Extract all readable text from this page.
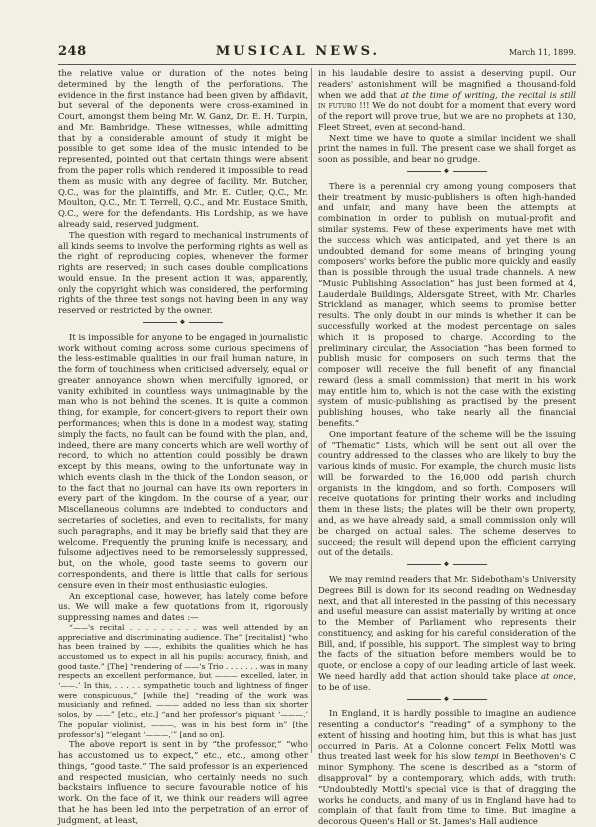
248	MUSICAL NEWS.	March 11, 1899.

the relative value or duration of the notes being determined by the length of the perforations. The evidence in the first instance had been given by affidavit, but several of the deponents were cross-examined in Court, amongst them being Mr. W. Ganz, Dr. E. H. Turpin, and Mr. Bambridge. These witnesses, while admitting that by a considerable amount of study it might be possible to get some idea of the music intended to be represented, pointed out that certain things were absent from the paper rolls which rendered it impossible to read them as music with any degree of facility. Mr. Butcher, Q.C., was for the plaintiffs, and Mr. E. Cutler, Q.C., Mr. Moulton, Q.C., Mr. T. Terrell, Q.C., and Mr. Eustace Smith, Q.C., were for the defendants. His Lordship, as we have already said, reserved judgment.

The question with regard to mechanical instruments of all kinds seems to involve the performing rights as well as the right of reproducing copies, whenever the former rights are reserved; in such cases double complications would ensue. In the present action it was, apparently, only the copyright which was considered, the performing rights of the three test songs not having been in any way reserved or restricted by the owner.

❖

It is impossible for anyone to be engaged in journalistic work without coming across some curious specimens of the less-estimable qualities in our frail human nature, in the form of touchiness when criticised adversely, equal or greater annoyance shown when mercifully ignored, or vanity exhibited in countless ways unimaginable by the man who is not behind the scenes. It is quite a common thing, for example, for concert-givers to report their own performances; when this is done in a modest way, stating simply the facts, no fault can be found with the plan, and, indeed, there are many concerts which are well worthy of record, to which no attention could possibly be drawn except by this means, owing to the unfortunate way in which events clash in the thick of the London season, or to the fact that no journal can have its own reporters in every part of the kingdom. In the course of a year, our Miscellaneous columns are indebted to conductors and secretaries of societies, and even to recitalists, for many such paragraphs, and it may be briefly said that they are welcome. Frequently the pruning knife is necessary, and fulsome adjectives need to be remorselessly suppressed, but, on the whole, good taste seems to govern our correspondents, and there is little that calls for serious censure even in their most enthusiastic eulogies.

An exceptional case, however, has lately come before us. We will make a few quotations from it, rigorously suppressing names and dates :—

“——'s recital . . . . . . . . . was well attended by an appreciative and discriminating audience. The” [recitalist] “who has been trained by ——, exhibits the qualities which he has accustomed us to expect in all his pupils: accuracy, finish, and good taste.” [The] “rendering of ——'s Trio . . . . . . . was in many respects an excellent performance, but ——— excelled, later, in ‘——.’ In this, . . . . . sympathetic touch and lightness of finger were conspicuous,” [while the] “reading of the work was musicianly and refined. ——— added no less than six shorter solos, by ——” [etc., etc.] “and her professor's piquant ‘———.’ The popular violinist, ———, was in his best form in” [the professor's] “‘elegant ‘———,’” [and so on].

The above report is sent in by “the professor,” “who has accustomed us to expect,” etc., etc., among other things, “good taste.” The said professor is an experienced and respected musician, who certainly needs no such backstairs influence to secure favourable notice of his work. On the face of it, we think our readers will agree that he has been led into the perpetration of an error of judgment, at least,

in his laudable desire to assist a deserving pupil. Our readers' astonishment will be magnified a thousand-fold when we add that at the time of writing, the recital is still in futuro !!! We do not doubt for a moment that every word of the report will prove true, but we are no prophets at 130, Fleet Street, even at second-hand.

Next time we have to quote a similar incident we shall print the names in full. The present case we shall forget as soon as possible, and bear no grudge.

❖

There is a perennial cry among young composers that their treatment by music-publishers is often high-handed and unfair, and many have been the attempts at combination in order to publish on mutual-profit and similar systems. Few of these experiments have met with the success which was anticipated, and yet there is an undoubted demand for some means of bringing young composers' works before the public more quickly and easily than is possible through the usual trade channels. A new “Music Publishing Association” has just been formed at 4, Lauderdale Buildings, Aldersgate Street, with Mr. Charles Strickland as manager, which seems to promise better results. The only doubt in our minds is whether it can be successfully worked at the modest percentage on sales which it is proposed to charge. According to the preliminary circular, the Association “has been formed to publish music for composers on such terms that the composer will receive the full benefit of any financial reward (less a small commission) that merit in his work may entitle him to, which is not the case with the existing system of music-publishing as practised by the present publishing houses, who take nearly all the financial benefits.”

One important feature of the scheme will be the issuing of “Thematic” Lists, which will be sent out all over the country addressed to the classes who are likely to buy the various kinds of music. For example, the church music lists will be forwarded to the 16,000 odd parish church organists in the kingdom, and so forth. Composers will receive quotations for printing their works and including them in these lists; the plates will be their own property, and, as we have already said, a small commission only will be charged on actual sales. The scheme deserves to succeed; the result will depend upon the efficient carrying out of the details.

❖

We may remind readers that Mr. Sidebotham's University Degrees Bill is down for its second reading on Wednesday next, and that all interested in the passing of this necessary and useful measure can assist materially by writing at once to the Member of Parliament who represents their constituency, and asking for his careful consideration of the Bill, and, if possible, his support. The simplest way to bring the facts of the situation before members would be to quote, or enclose a copy of our leading article of last week. We need hardly add that action should take place at once, to be of use.

❖

In England, it is hardly possible to imagine an audience resenting a conductor's “reading” of a symphony to the extent of hissing and hooting him, but this is what has just occurred in Paris. At a Colonne concert Felix Mottl was thus treated last week for his slow tempi in Beethoven's C minor Symphony. The scene is described as a “storm of disapproval” by a contemporary, which adds, with truth: “Undoubtedly Mottl's special vice is that of dragging the works he conducts, and many of us in England have had to complain of that fault from time to time. But imagine a decorous Queen's Hall or St. James's Hall audience
